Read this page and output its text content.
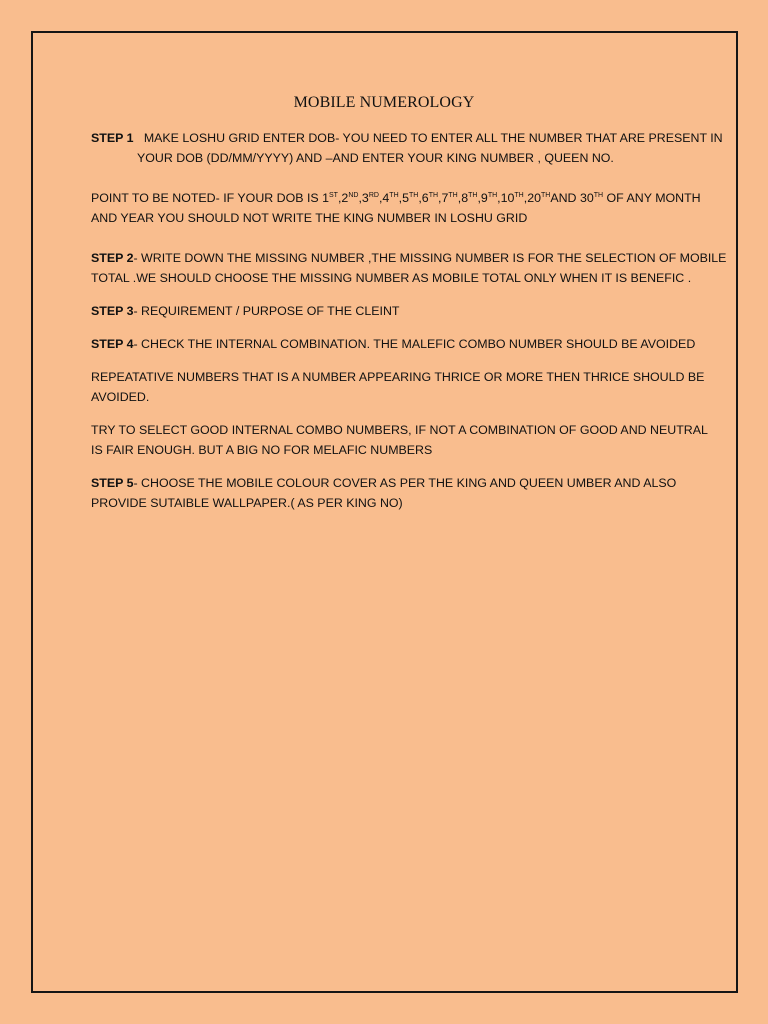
MOBILE NUMEROLOGY
STEP 1 MAKE LOSHU GRID ENTER DOB- YOU NEED TO ENTER ALL THE NUMBER THAT ARE PRESENT IN
YOUR DOB (DD/MM/YYYY) AND –AND ENTER YOUR KING NUMBER , QUEEN NO.
POINT TO BE NOTED- IF YOUR DOB IS 1ST,2ND,3RD,4TH,5TH,6TH,7TH,8TH,9TH,10TH,20THAND 30TH OF ANY MONTH
AND YEAR YOU SHOULD NOT WRITE THE KING NUMBER IN LOSHU GRID
STEP 2- WRITE DOWN THE MISSING NUMBER ,THE MISSING NUMBER IS FOR THE SELECTION OF MOBILE
TOTAL .WE SHOULD CHOOSE THE MISSING NUMBER AS MOBILE TOTAL ONLY WHEN IT IS BENEFIC .
STEP 3- REQUIREMENT / PURPOSE OF THE CLEINT
STEP 4- CHECK THE INTERNAL COMBINATION. THE MALEFIC COMBO NUMBER SHOULD BE AVOIDED
REPEATATIVE NUMBERS THAT IS A NUMBER APPEARING THRICE OR MORE THEN THRICE SHOULD BE
AVOIDED.
TRY TO SELECT GOOD INTERNAL COMBO NUMBERS, IF NOT A COMBINATION OF GOOD AND NEUTRAL
IS FAIR ENOUGH. BUT A BIG NO FOR MELAFIC NUMBERS
STEP 5- CHOOSE THE MOBILE COLOUR COVER AS PER THE KING AND QUEEN UMBER AND ALSO
PROVIDE SUTAIBLE WALLPAPER.( AS PER KING NO)
